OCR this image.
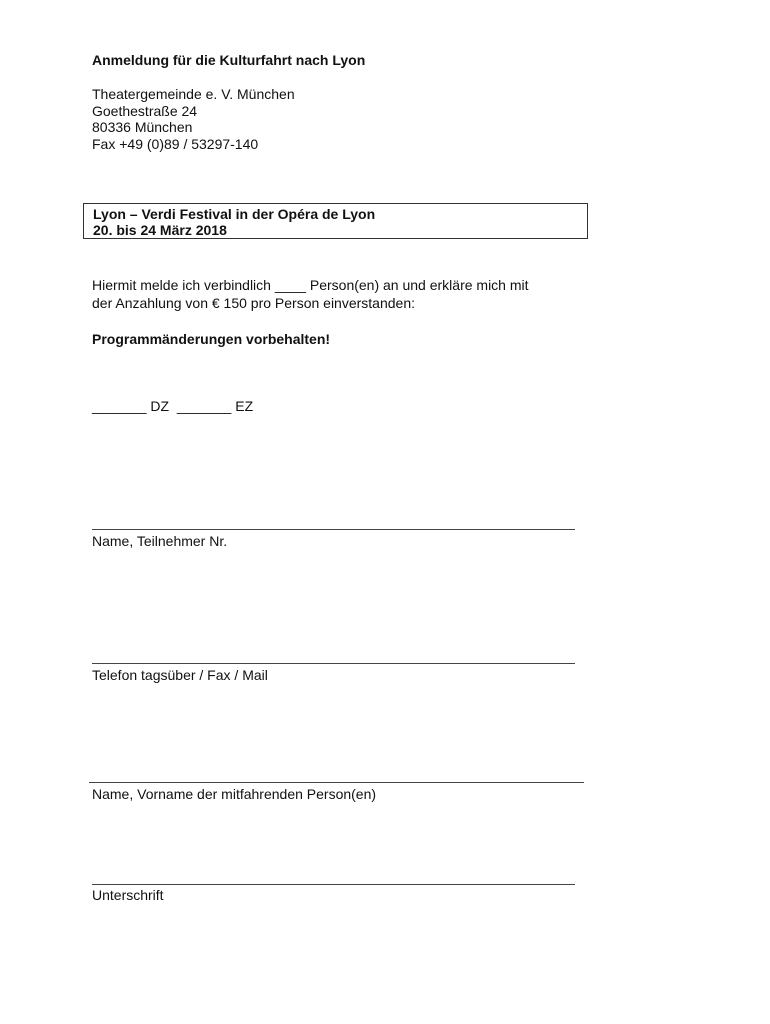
Anmeldung für die Kulturfahrt nach Lyon
Theatergemeinde e. V. München
Goethestraße 24
80336 München
Fax +49 (0)89 / 53297-140
Lyon – Verdi Festival in der Opéra de Lyon
20. bis 24 März 2018
Hiermit melde ich verbindlich ____ Person(en) an und erkläre mich mit
der Anzahlung von € 150 pro Person einverstanden:
Programmänderungen vorbehalten!
_______ DZ  _______ EZ
Name, Teilnehmer Nr.
Telefon tagsüber / Fax / Mail
Name, Vorname der mitfahrenden Person(en)
Unterschrift
